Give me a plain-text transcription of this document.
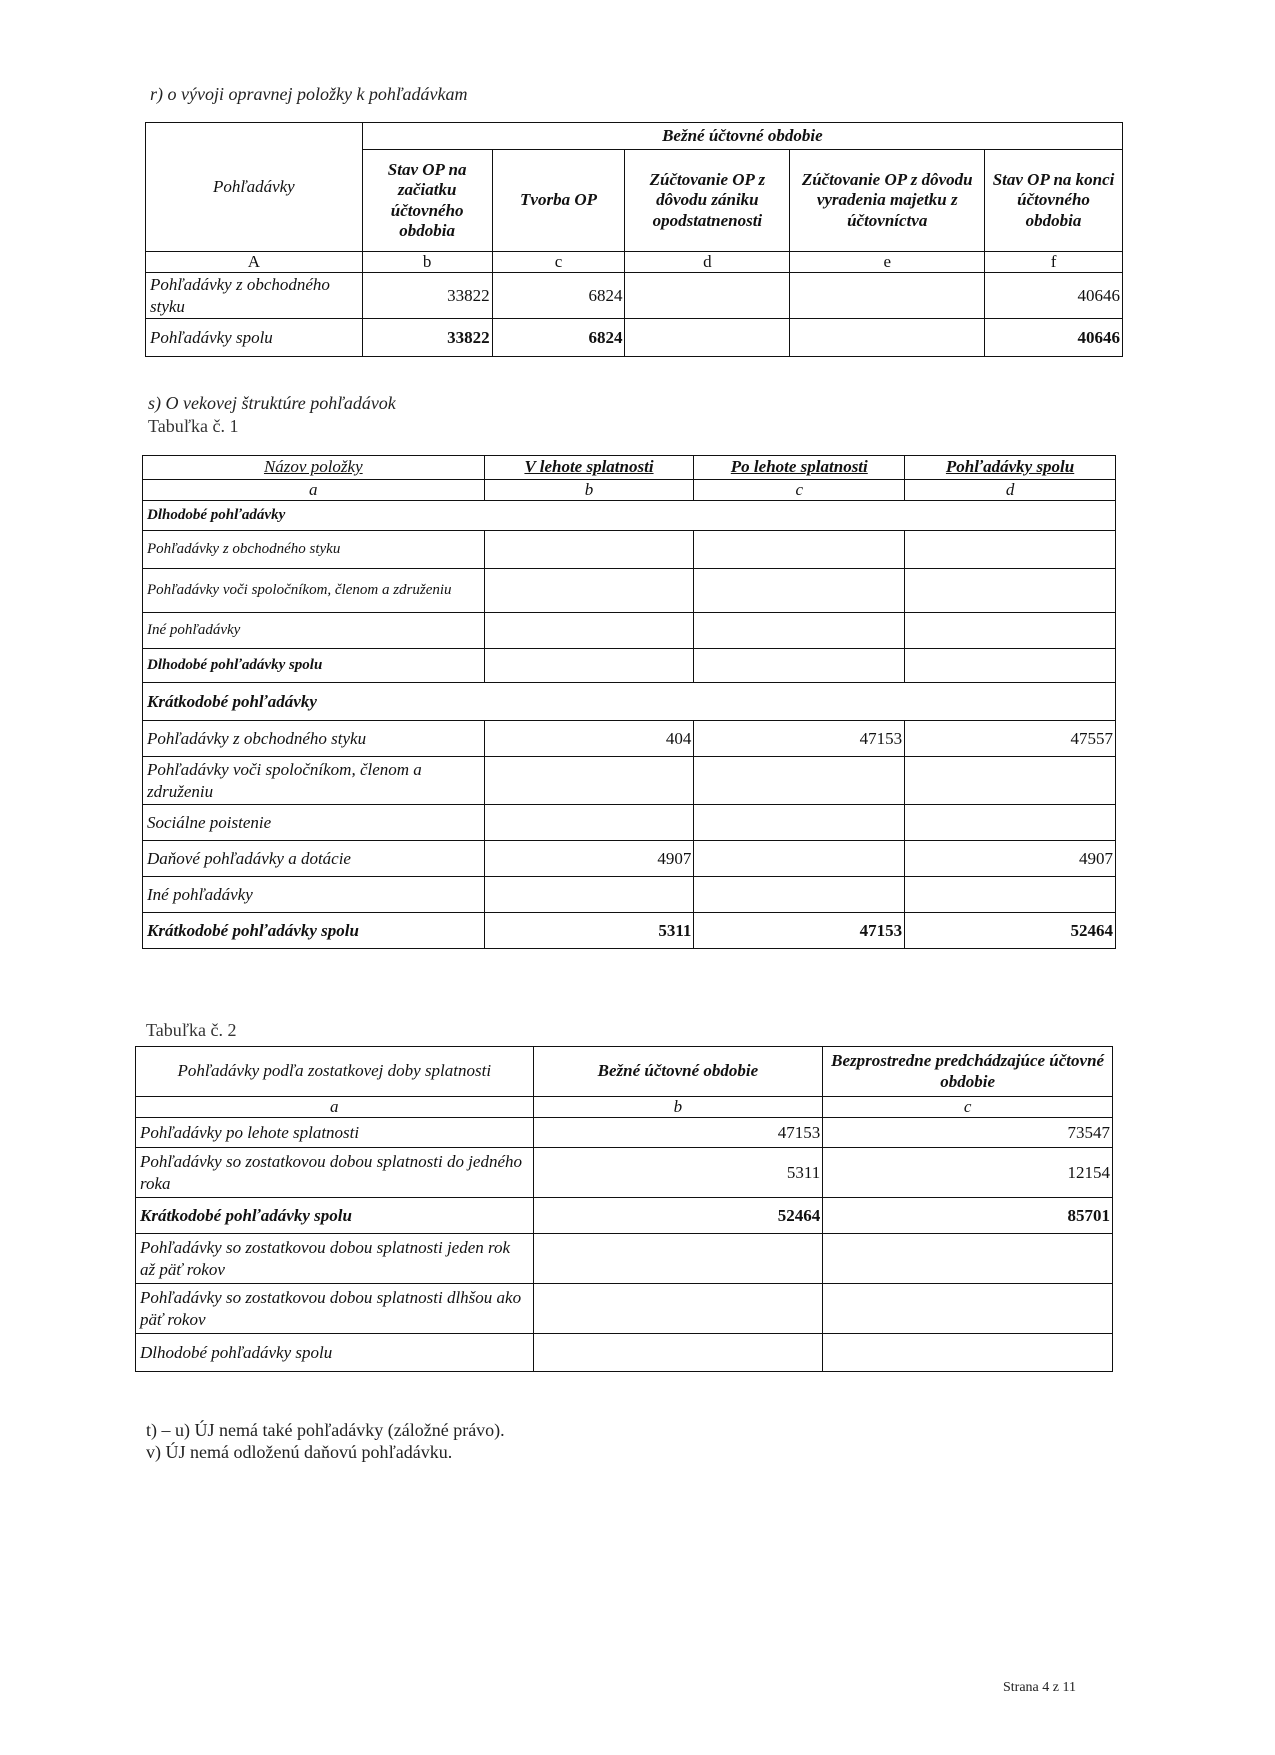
r) o vývoji opravnej položky k pohľadávkam
Pohľadávky	Bežné účtovné obdobie				
	Stav OP na začiatku účtovného obdobia	Tvorba OP	Zúčtovanie OP z dôvodu zániku opodstatnenosti	Zúčtovanie OP z dôvodu vyradenia majetku z účtovníctva	Stav OP na konci účtovného obdobia
A	b	c	d	e	f
Pohľadávky z obchodného styku	33822	6824			40646
Pohľadávky spolu	33822	6824			40646
s) O vekovej štruktúre pohľadávok
Tabuľka č. 1
Názov položky	V lehote splatnosti	Po lehote splatnosti	Pohľadávky spolu
a	b	c	d
Dlhodobé pohľadávky			
Pohľadávky z obchodného styku			
Pohľadávky voči spoločníkom, členom a združeniu			
Iné pohľadávky			
Dlhodobé pohľadávky spolu			
Krátkodobé pohľadávky			
Pohľadávky z obchodného styku	404	47153	47557
Pohľadávky voči spoločníkom, členom a združeniu			
Sociálne poistenie			
Daňové pohľadávky a dotácie	4907		4907
Iné pohľadávky			
Krátkodobé pohľadávky spolu	5311	47153	52464
Tabuľka č. 2
Pohľadávky podľa zostatkovej doby splatnosti	Bežné účtovné obdobie	Bezprostredne predchádzajúce účtovné obdobie
a	b	c
Pohľadávky po lehote splatnosti	47153	73547
Pohľadávky so zostatkovou dobou splatnosti do jedného roka	5311	12154
Krátkodobé pohľadávky spolu	52464	85701
Pohľadávky so zostatkovou dobou splatnosti jeden rok až päť rokov		
Pohľadávky so zostatkovou dobou splatnosti dlhšou ako päť rokov		
Dlhodobé pohľadávky spolu		
t) – u) ÚJ nemá také pohľadávky (záložné právo).
v) ÚJ nemá odloženú daňovú pohľadávku.
Strana 4 z 11
